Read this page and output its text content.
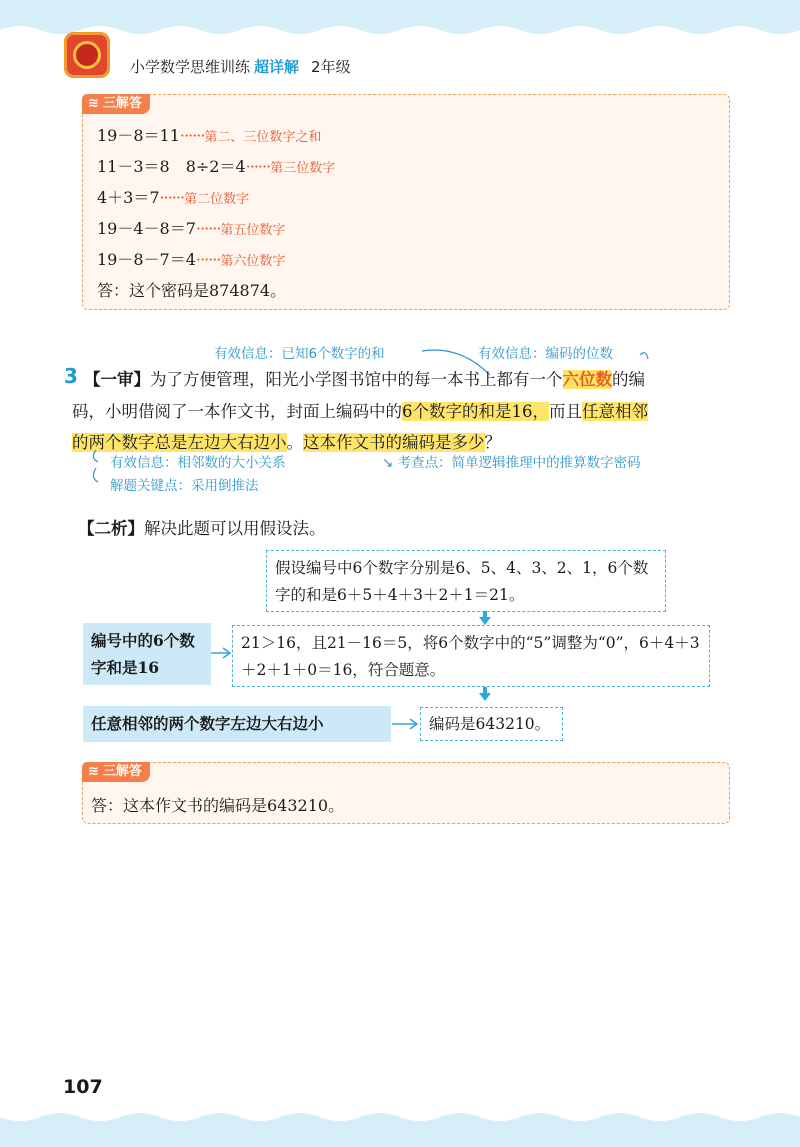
小学数学思维训练 超详解 2年级
≋ 三解答
19－8＝11······第二、三位数字之和
11－3＝8　8÷2＝4······第三位数字
4＋3＝7······第二位数字
19－4－8＝7······第五位数字
19－8－7＝4······第六位数字
答：这个密码是874874。
有效信息：已知6个数字的和	有效信息：编码的位数
3 【一审】为了方便管理，阳光小学图书馆中的每一本书上都有一个六位数的编
码，小明借阅了一本作文书，封面上编码中的6个数字的和是16，而且任意相邻
的两个数字总是左边大右边小。这本作文书的编码是多少？
有效信息：相邻数的大小关系
解题关键点：采用倒推法
↘ 考查点：简单逻辑推理中的推算数字密码
【二析】解决此题可以用假设法。
假设编号中6个数字分别是6、5、4、3、2、1，6个数字的和是6＋5＋4＋3＋2＋1＝21。
编号中的6个数字和是16
21＞16，且21－16＝5，将6个数字中的“5”调整为“0”，6＋4＋3＋2＋1＋0＝16，符合题意。
任意相邻的两个数字左边大右边小	编码是643210。
≋ 三解答
答：这本作文书的编码是643210。
107
